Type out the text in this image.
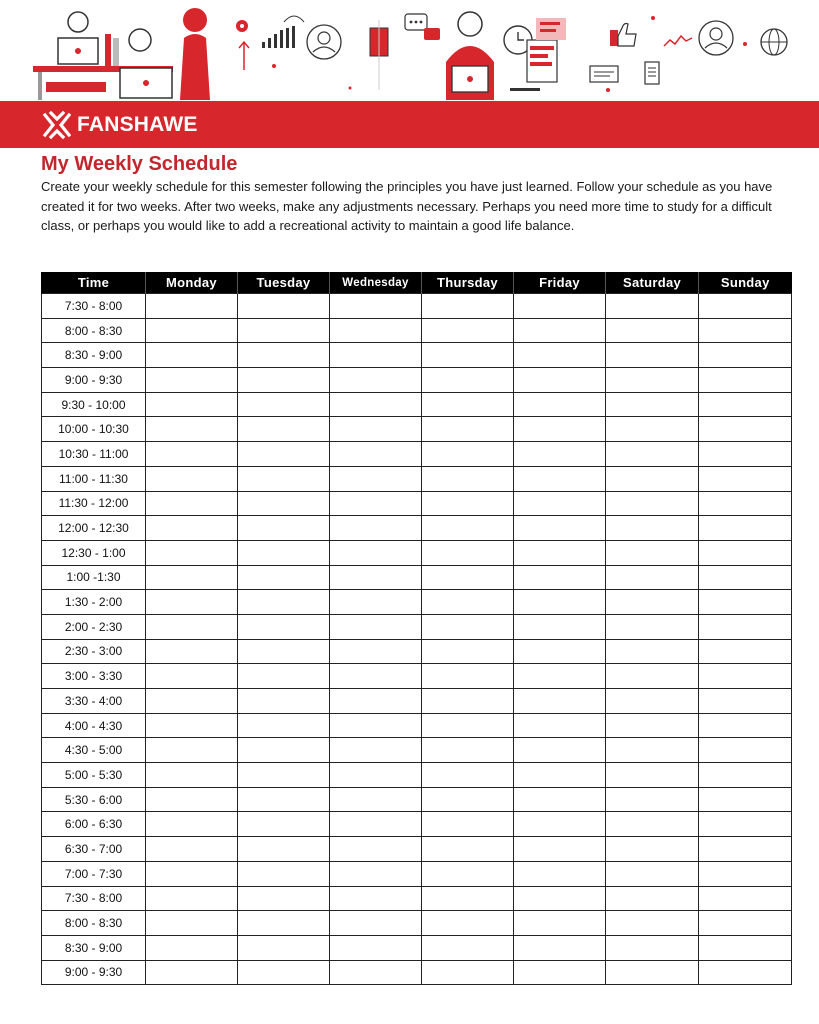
FANSHAWE
My Weekly Schedule

Create your weekly schedule for this semester following the principles you have just learned. Follow your schedule as you have created it for two weeks. After two weeks, make any adjustments necessary. Perhaps you need more time to study for a difficult class, or perhaps you would like to add a recreational activity to maintain a good life balance.

Time	Monday	Tuesday	Wednesday	Thursday	Friday	Saturday	Sunday
7:30 - 8:00							
8:00 - 8:30							
8:30 - 9:00							
9:00 - 9:30							
9:30 - 10:00							
10:00 - 10:30							
10:30 - 11:00							
11:00 - 11:30							
11:30 - 12:00							
12:00 - 12:30							
12:30 - 1:00							
1:00 -1:30							
1:30 - 2:00							
2:00 - 2:30							
2:30 - 3:00							
3:00 - 3:30							
3:30 - 4:00							
4:00 - 4:30							
4:30 - 5:00							
5:00 - 5:30							
5:30 - 6:00							
6:00 - 6:30							
6:30 - 7:00							
7:00 - 7:30							
7:30 - 8:00							
8:00 - 8:30							
8:30 - 9:00							
9:00 - 9:30							
